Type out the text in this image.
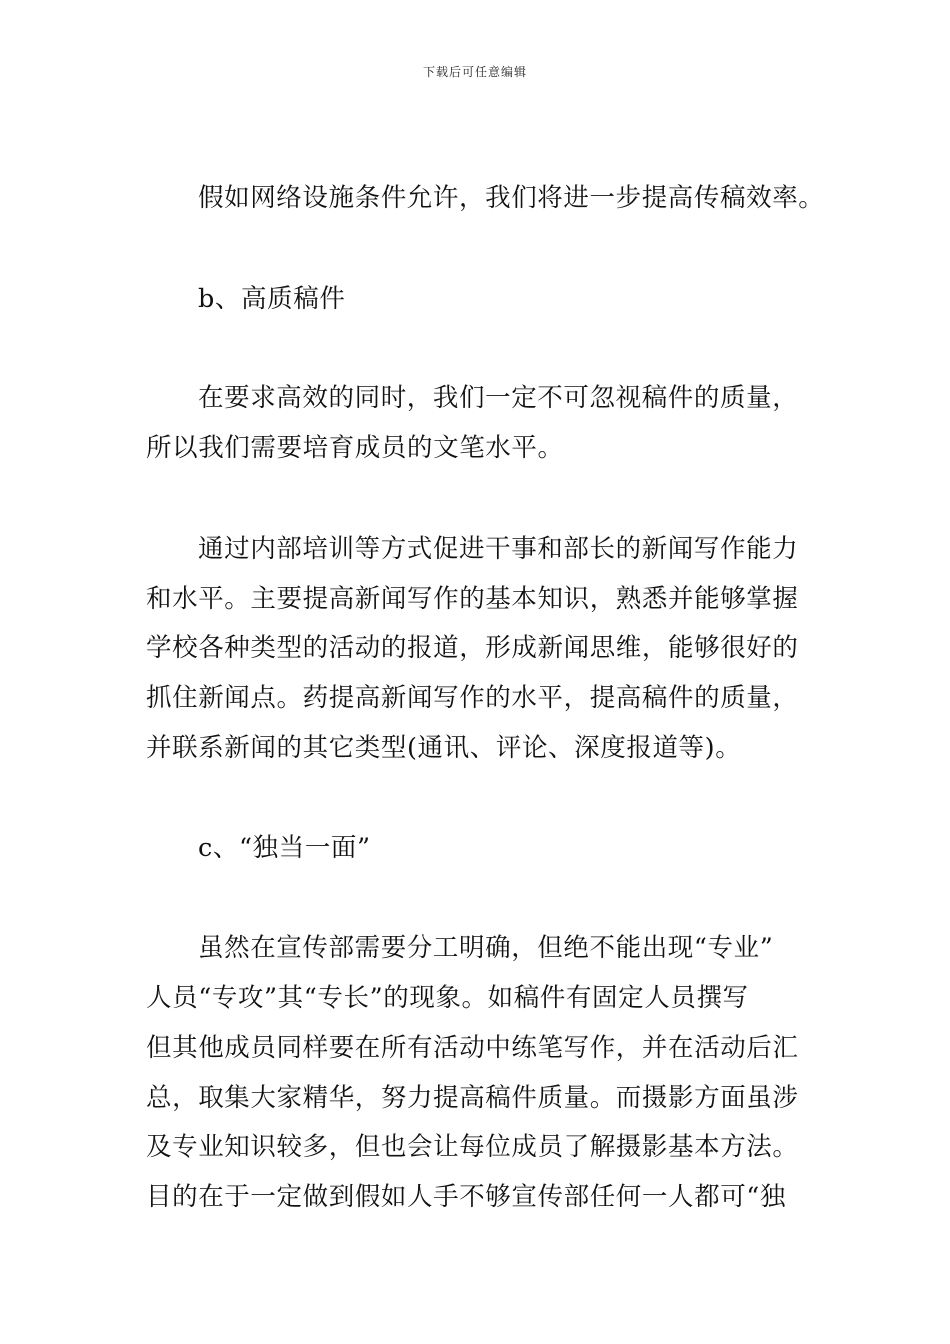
下载后可任意编辑
假如网络设施条件允许，我们将进一步提高传稿效率。
b、高质稿件
在要求高效的同时，我们一定不可忽视稿件的质量，
所以我们需要培育成员的文笔水平。
通过内部培训等方式促进干事和部长的新闻写作能力
和水平。主要提高新闻写作的基本知识，熟悉并能够掌握
学校各种类型的活动的报道，形成新闻思维，能够很好的
抓住新闻点。药提高新闻写作的水平，提高稿件的质量，
并联系新闻的其它类型(通讯、评论、深度报道等)。
c、“独当一面”
虽然在宣传部需要分工明确，但绝不能出现“专业”
人员“专攻”其“专长”的现象。如稿件有固定人员撰写
但其他成员同样要在所有活动中练笔写作，并在活动后汇
总，取集大家精华，努力提高稿件质量。而摄影方面虽涉
及专业知识较多，但也会让每位成员了解摄影基本方法。
目的在于一定做到假如人手不够宣传部任何一人都可“独
